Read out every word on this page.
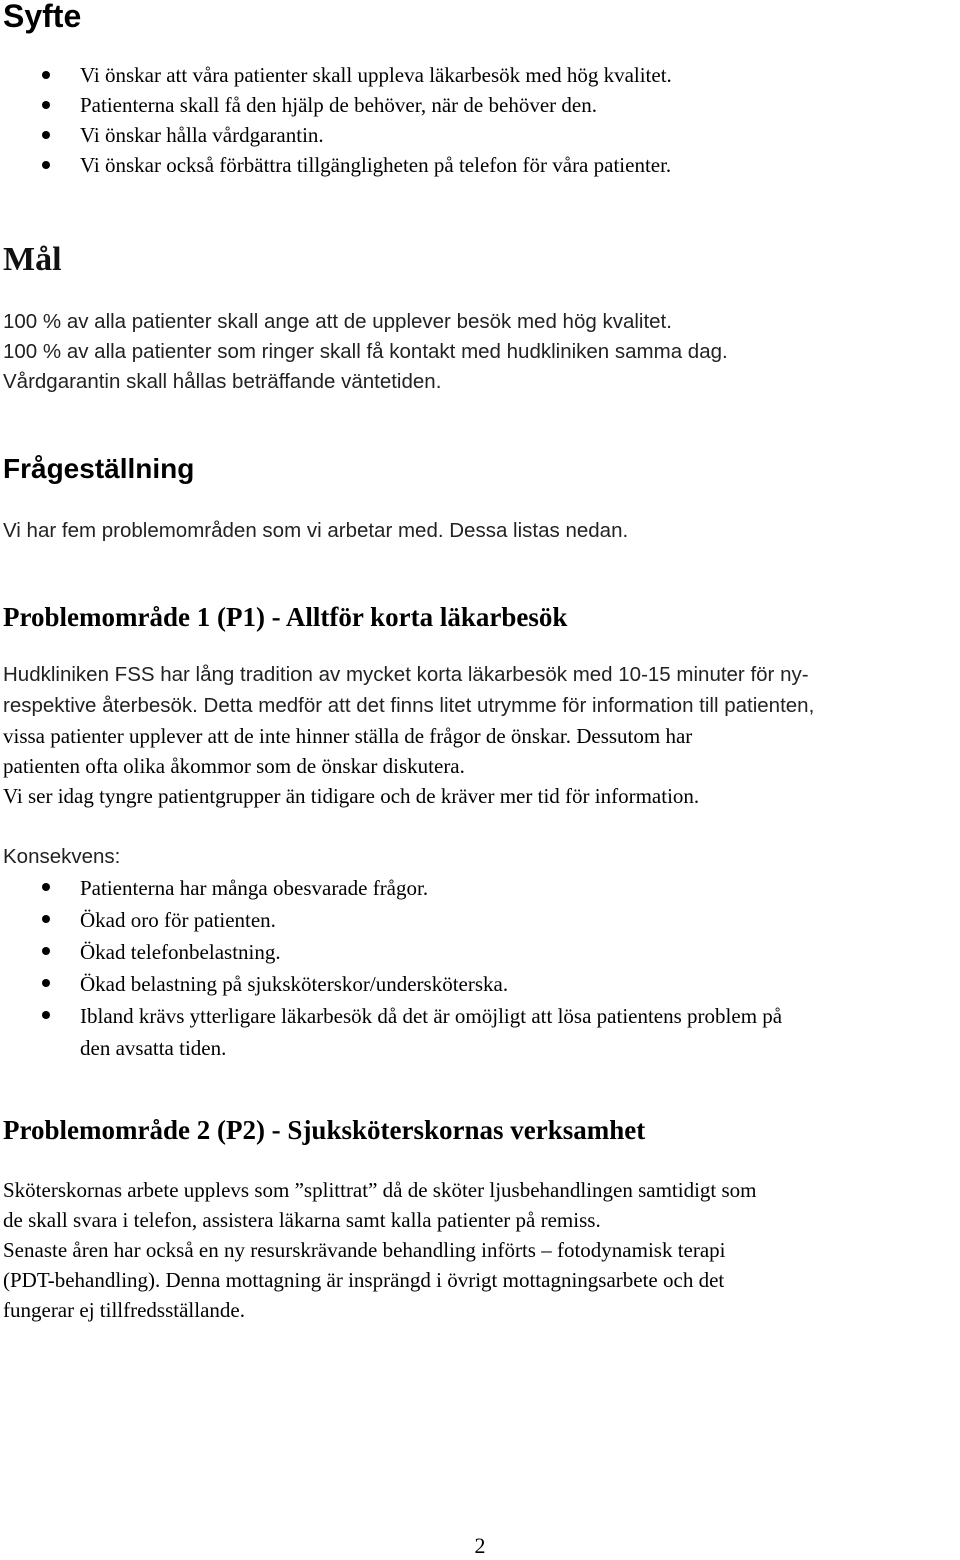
Syfte
Vi önskar att våra patienter skall uppleva läkarbesök med hög kvalitet.
Patienterna skall få den hjälp de behöver, när de behöver den.
Vi önskar hålla vårdgarantin.
Vi önskar också förbättra tillgängligheten på telefon för våra patienter.
Mål
100 % av alla patienter skall ange att de upplever besök med hög kvalitet.
100 % av alla patienter som ringer skall få kontakt med hudkliniken samma dag.
Vårdgarantin skall hållas beträffande väntetiden.
Frågeställning
Vi har fem problemområden som vi arbetar med. Dessa listas nedan.
Problemområde 1 (P1) - Alltför korta läkarbesök
Hudkliniken FSS har lång tradition av mycket korta läkarbesök med 10-15 minuter för ny-
respektive återbesök. Detta medför att det finns litet utrymme för information till patienten,
vissa patienter upplever att de inte hinner ställa de frågor de önskar. Dessutom har
patienten ofta olika åkommor som de önskar diskutera.
Vi ser idag tyngre patientgrupper än tidigare och de kräver mer tid för information.
Konsekvens:
Patienterna har många obesvarade frågor.
Ökad oro för patienten.
Ökad telefonbelastning.
Ökad belastning på sjuksköterskor/undersköterska.
Ibland krävs ytterligare läkarbesök då det är omöjligt att lösa patientens problem på
den avsatta tiden.
Problemområde 2 (P2) - Sjuksköterskornas verksamhet
Sköterskornas arbete upplevs som ”splittrat” då de sköter ljusbehandlingen samtidigt som
de skall svara i telefon, assistera läkarna samt kalla patienter på remiss.
Senaste åren har också en ny resurskrävande behandling införts – fotodynamisk terapi
(PDT-behandling). Denna mottagning är insprängd i övrigt mottagningsarbete och det
fungerar ej tillfredsställande.
2
